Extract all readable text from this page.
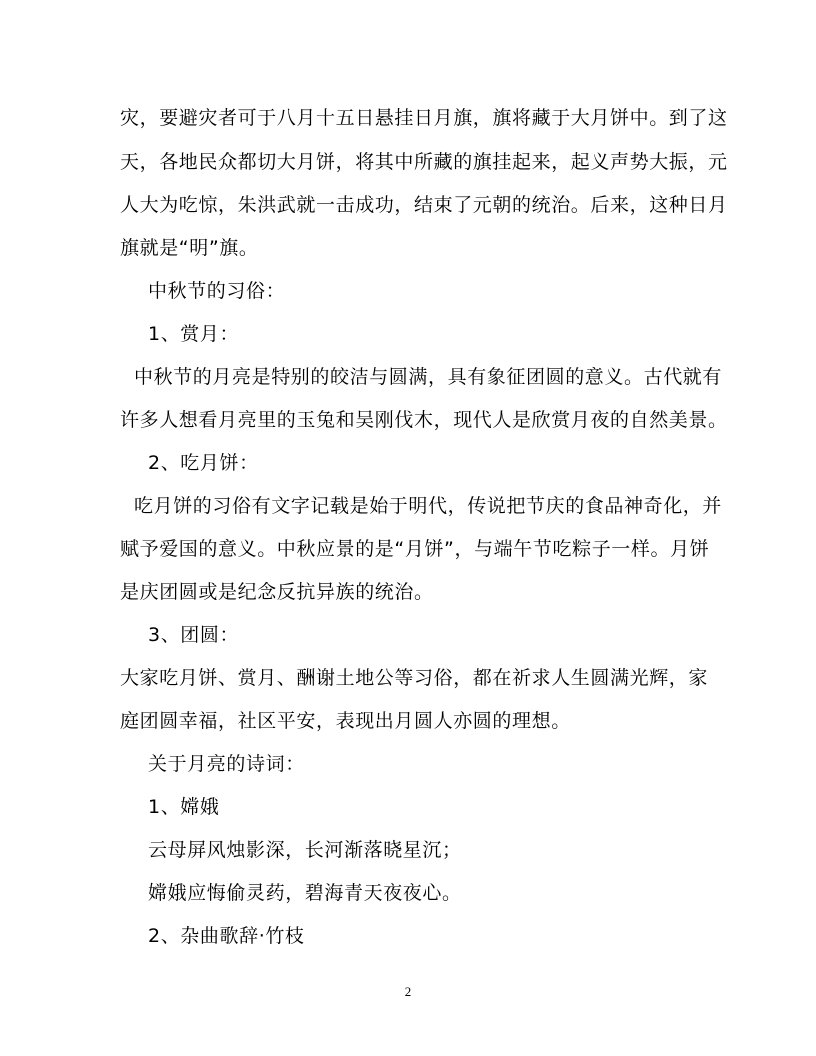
灾，要避灾者可于八月十五日悬挂日月旗，旗将藏于大月饼中。到了这
天，各地民众都切大月饼，将其中所藏的旗挂起来，起义声势大振，元
人大为吃惊，朱洪武就一击成功，结束了元朝的统治。后来，这种日月
旗就是“明”旗。
中秋节的习俗：
1、赏月：
中秋节的月亮是特别的皎洁与圆满，具有象征团圆的意义。古代就有
许多人想看月亮里的玉兔和吴刚伐木，现代人是欣赏月夜的自然美景。
2、吃月饼：
吃月饼的习俗有文字记载是始于明代，传说把节庆的食品神奇化，并
赋予爱国的意义。中秋应景的是“月饼”，与端午节吃粽子一样。月饼
是庆团圆或是纪念反抗异族的统治。
3、团圆：
大家吃月饼、赏月、酬谢土地公等习俗，都在祈求人生圆满光辉，家
庭团圆幸福，社区平安，表现出月圆人亦圆的理想。
关于月亮的诗词：
1、嫦娥
云母屏风烛影深，长河渐落晓星沉；
嫦娥应悔偷灵药，碧海青天夜夜心。
2、杂曲歌辞·竹枝
2
